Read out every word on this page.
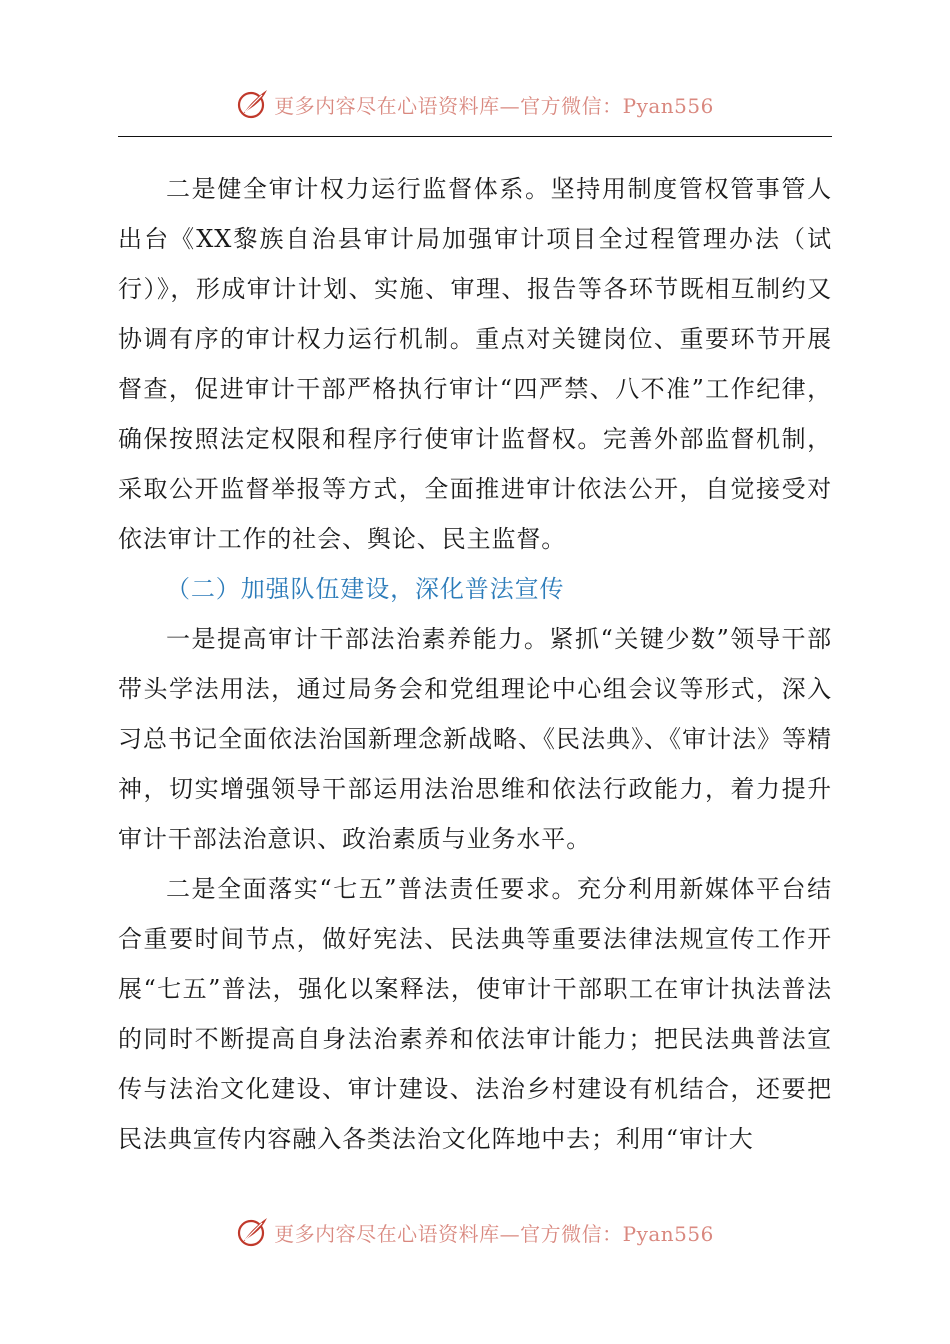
更多内容尽在心语资料库—官方微信：Pyan556

二是健全审计权力运行监督体系。坚持用制度管权管事管人出台《XX黎族自治县审计局加强审计项目全过程管理办法（试行）》，形成审计计划、实施、审理、报告等各环节既相互制约又协调有序的审计权力运行机制。重点对关键岗位、重要环节开展督查，促进审计干部严格执行审计“四严禁、八不准”工作纪律，确保按照法定权限和程序行使审计监督权。完善外部监督机制，采取公开监督举报等方式，全面推进审计依法公开，自觉接受对依法审计工作的社会、舆论、民主监督。

（二）加强队伍建设，深化普法宣传

一是提高审计干部法治素养能力。紧抓“关键少数”领导干部带头学法用法，通过局务会和党组理论中心组会议等形式，深入习总书记全面依法治国新理念新战略、《民法典》、《审计法》等精神，切实增强领导干部运用法治思维和依法行政能力，着力提升审计干部法治意识、政治素质与业务水平。

二是全面落实“七五”普法责任要求。充分利用新媒体平台结合重要时间节点，做好宪法、民法典等重要法律法规宣传工作开展“七五”普法，强化以案释法，使审计干部职工在审计执法普法的同时不断提高自身法治素养和依法审计能力；把民法典普法宣传与法治文化建设、审计建设、法治乡村建设有机结合，还要把民法典宣传内容融入各类法治文化阵地中去；利用“审计大

更多内容尽在心语资料库—官方微信：Pyan556
